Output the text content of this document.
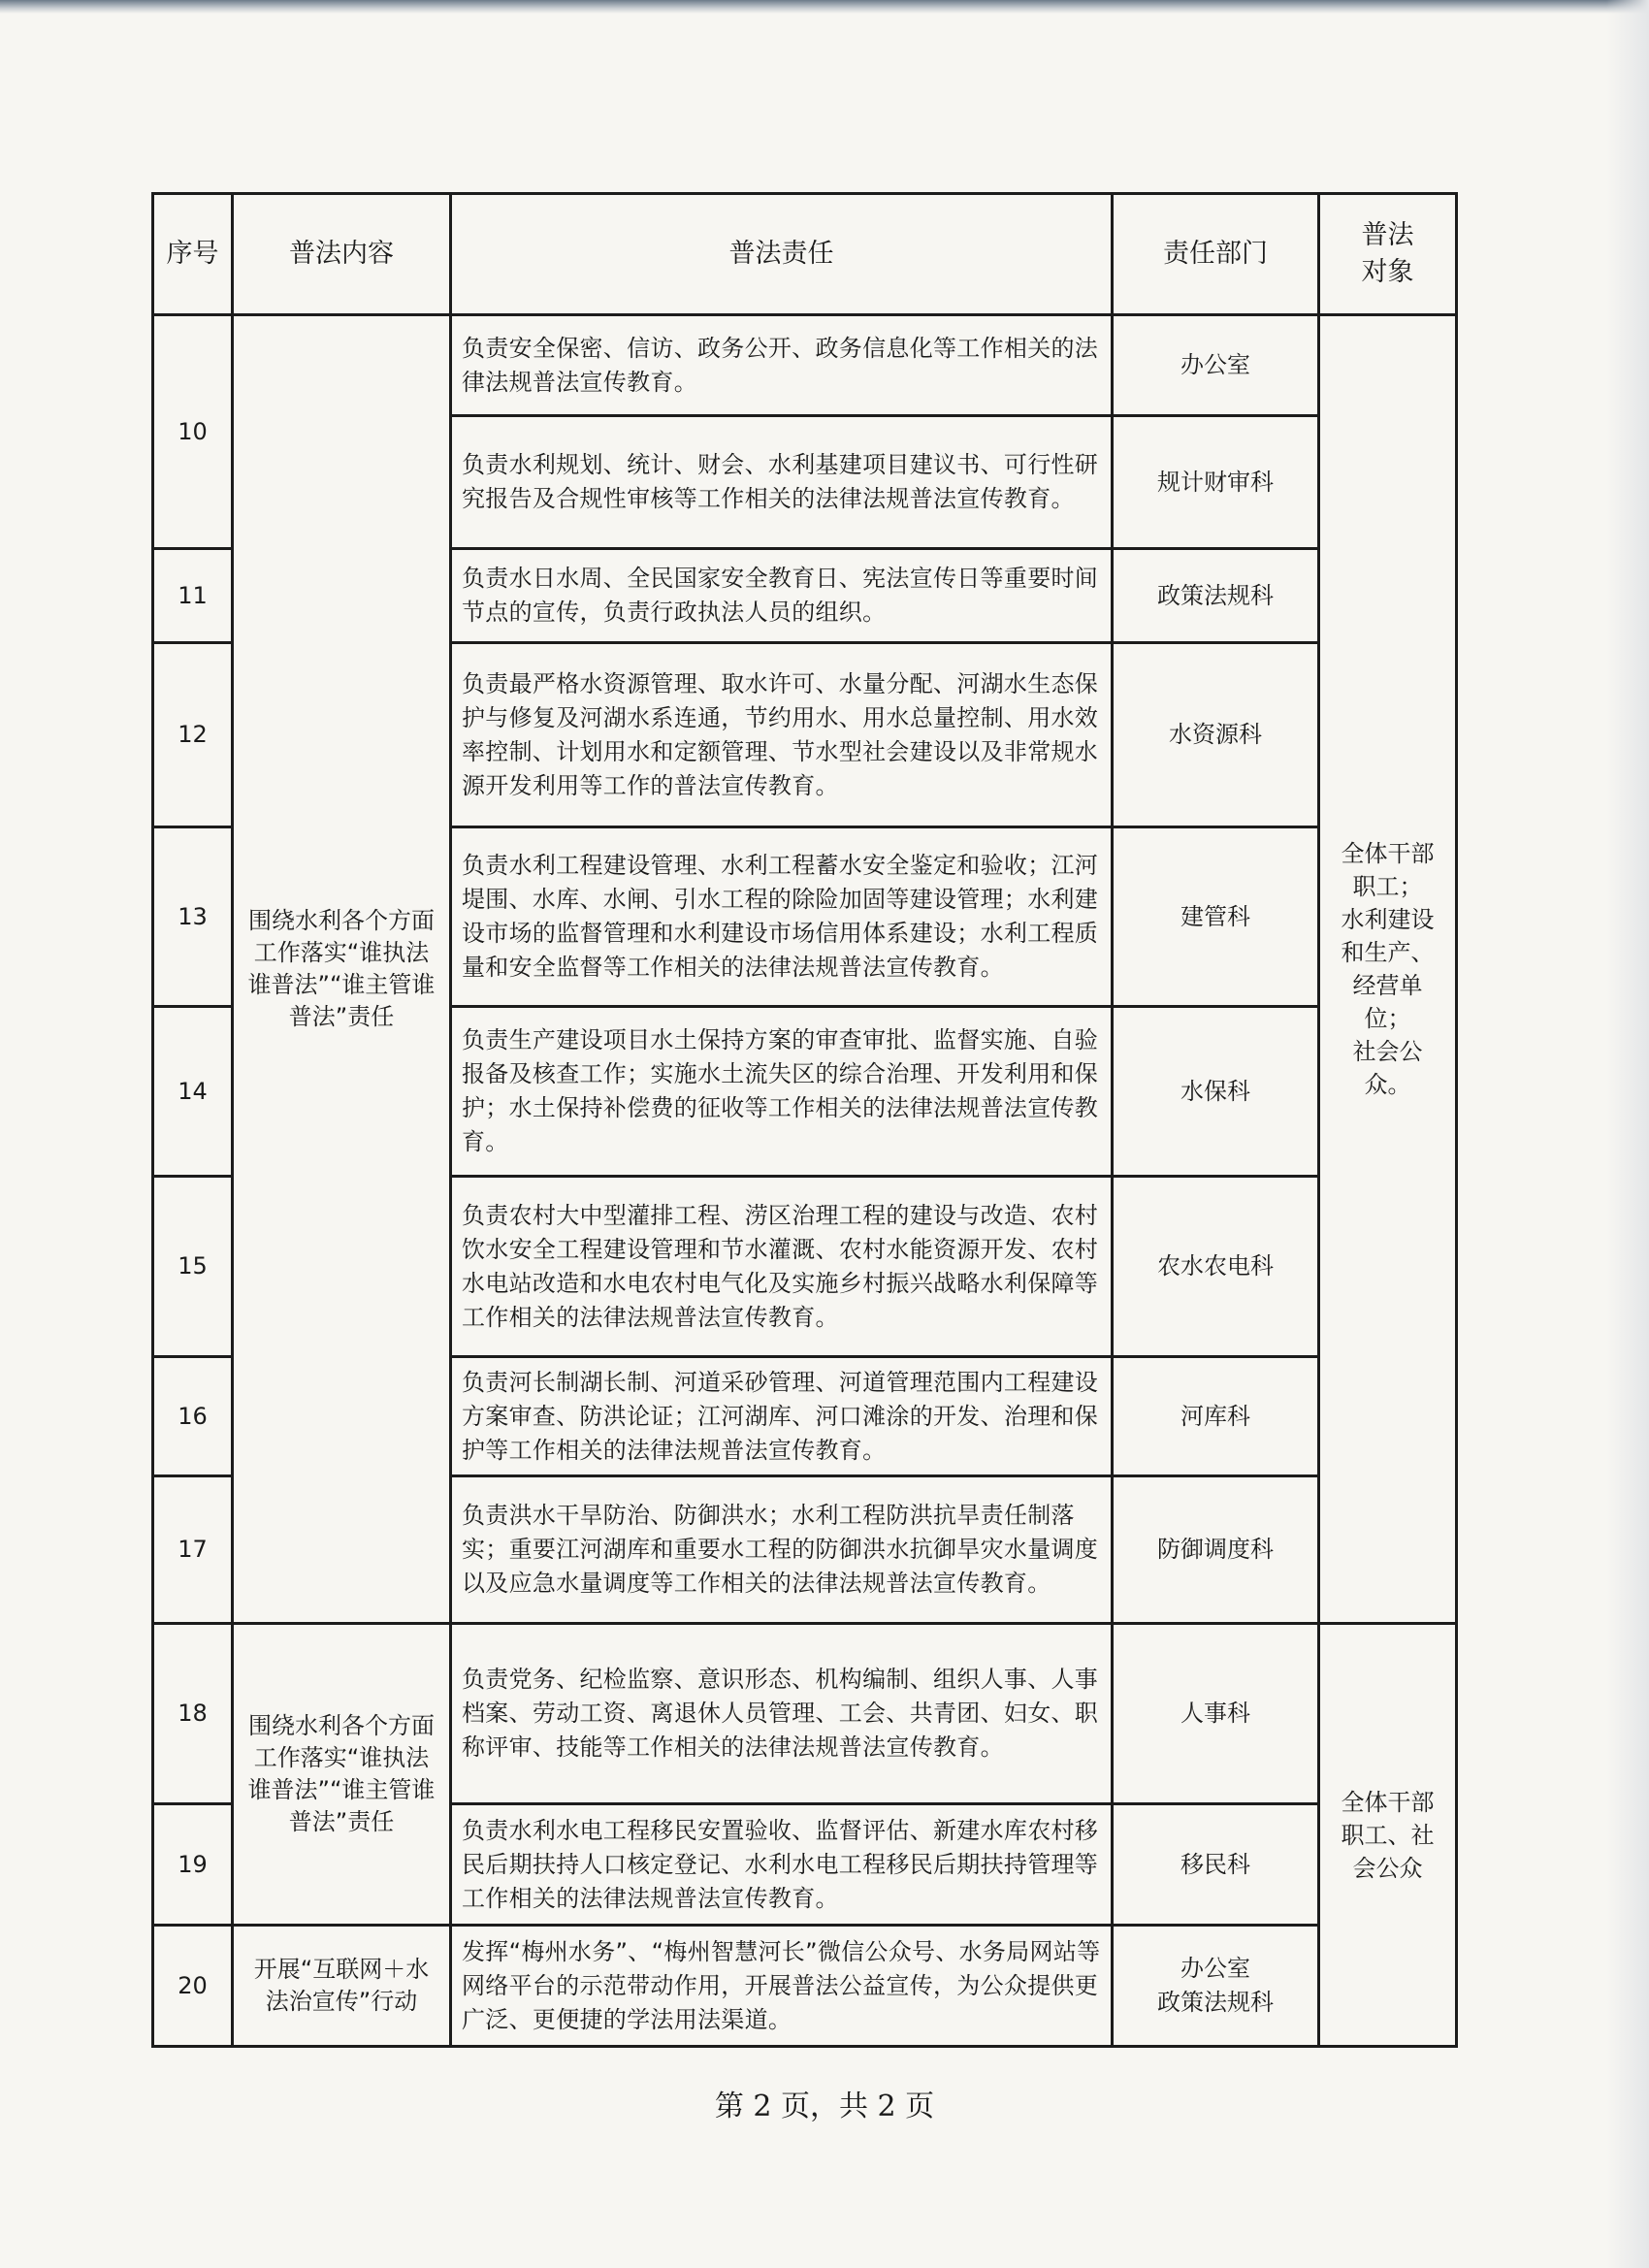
序号	普法内容	普法责任	责任部门	普法
对象
10	围绕水利各个方面工作落实“谁执法谁普法”“谁主管谁普法”责任	负责安全保密、信访、政务公开、政务信息化等工作相关的法律法规普法宣传教育。	办公室	全体干部职工；
水利建设和生产、经营单位；
社会公众。
		负责水利规划、统计、财会、水利基建项目建议书、可行性研究报告及合规性审核等工作相关的法律法规普法宣传教育。	规计财审科	
11		负责水日水周、全民国家安全教育日、宪法宣传日等重要时间节点的宣传，负责行政执法人员的组织。	政策法规科	
12		负责最严格水资源管理、取水许可、水量分配、河湖水生态保护与修复及河湖水系连通，节约用水、用水总量控制、用水效率控制、计划用水和定额管理、节水型社会建设以及非常规水源开发利用等工作的普法宣传教育。	水资源科	
13		负责水利工程建设管理、水利工程蓄水安全鉴定和验收；江河堤围、水库、水闸、引水工程的除险加固等建设管理；水利建设市场的监督管理和水利建设市场信用体系建设；水利工程质量和安全监督等工作相关的法律法规普法宣传教育。	建管科	
14		负责生产建设项目水土保持方案的审查审批、监督实施、自验报备及核查工作；实施水土流失区的综合治理、开发利用和保护；水土保持补偿费的征收等工作相关的法律法规普法宣传教育。	水保科	
15		负责农村大中型灌排工程、涝区治理工程的建设与改造、农村饮水安全工程建设管理和节水灌溉、农村水能资源开发、农村水电站改造和水电农村电气化及实施乡村振兴战略水利保障等工作相关的法律法规普法宣传教育。	农水农电科	
16		负责河长制湖长制、河道采砂管理、河道管理范围内工程建设方案审查、防洪论证；江河湖库、河口滩涂的开发、治理和保护等工作相关的法律法规普法宣传教育。	河库科	
17		负责洪水干旱防治、防御洪水；水利工程防洪抗旱责任制落实；重要江河湖库和重要水工程的防御洪水抗御旱灾水量调度以及应急水量调度等工作相关的法律法规普法宣传教育。	防御调度科	
18	围绕水利各个方面工作落实“谁执法谁普法”“谁主管谁普法”责任	负责党务、纪检监察、意识形态、机构编制、组织人事、人事档案、劳动工资、离退休人员管理、工会、共青团、妇女、职称评审、技能等工作相关的法律法规普法宣传教育。	人事科	全体干部职工、社会公众
19		负责水利水电工程移民安置验收、监督评估、新建水库农村移民后期扶持人口核定登记、水利水电工程移民后期扶持管理等工作相关的法律法规普法宣传教育。	移民科	
20	开展“互联网＋水法治宣传”行动	发挥“梅州水务”、“梅州智慧河长”微信公众号、水务局网站等网络平台的示范带动作用，开展普法公益宣传，为公众提供更广泛、更便捷的学法用法渠道。	办公室
政策法规科	
第 2 页，共 2 页
